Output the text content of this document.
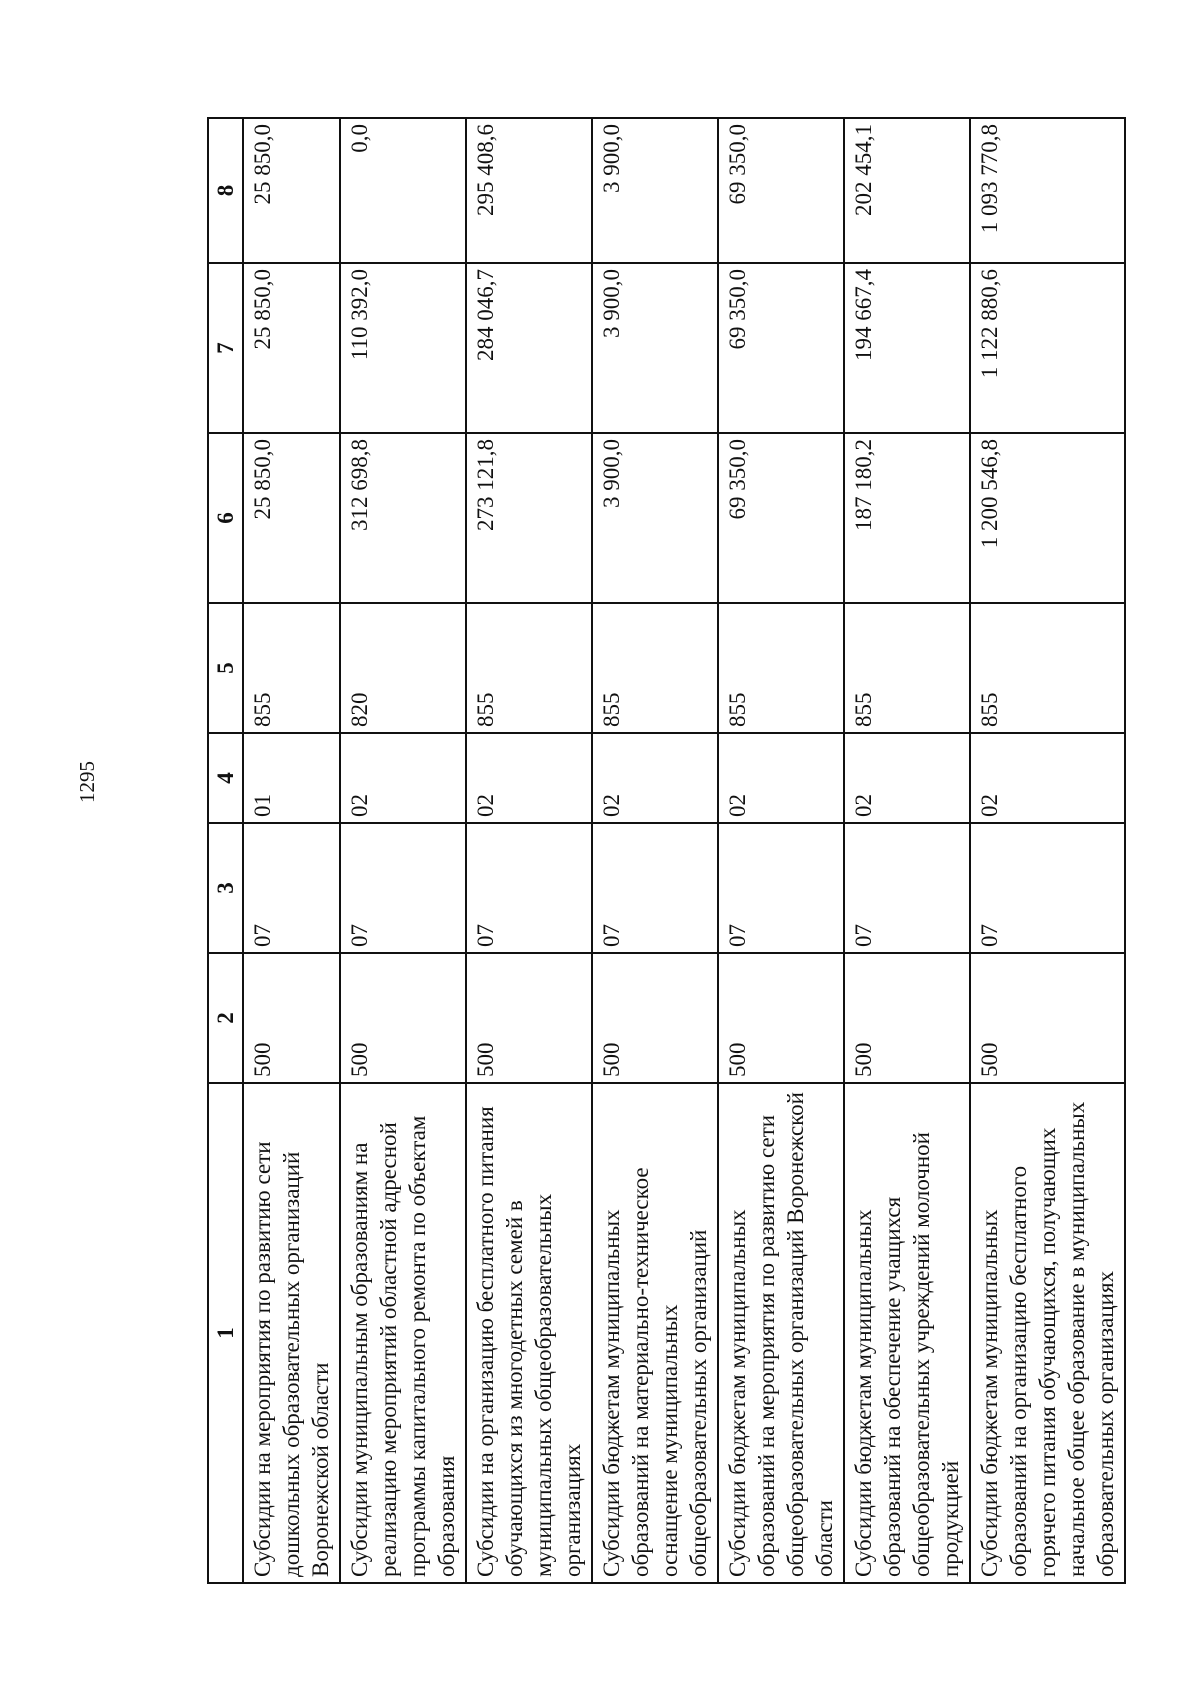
1295
1	2	3	4	5	6	7	8
Субсидии на мероприятия по развитию сети дошкольных образовательных организаций Воронежской области	500	07	01	855	25 850,0	25 850,0	25 850,0
Субсидии муниципальным образованиям на реализацию мероприятий областной адресной программы капитального ремонта по объектам образования	500	07	02	820	312 698,8	110 392,0	0,0
Субсидии на организацию бесплатного питания обучающихся из многодетных семей в муниципальных общеобразовательных организациях	500	07	02	855	273 121,8	284 046,7	295 408,6
Субсидии бюджетам муниципальных образований на материально-техническое оснащение муниципальных общеобразовательных организаций	500	07	02	855	3 900,0	3 900,0	3 900,0
Субсидии бюджетам муниципальных образований на мероприятия по развитию сети общеобразовательных организаций Воронежской области	500	07	02	855	69 350,0	69 350,0	69 350,0
Субсидии бюджетам муниципальных образований на обеспечение учащихся общеобразовательных учреждений молочной продукцией	500	07	02	855	187 180,2	194 667,4	202 454,1
Субсидии бюджетам муниципальных образований на организацию бесплатного горячего питания обучающихся, получающих начальное общее образование в муниципальных образовательных организациях	500	07	02	855	1 200 546,8	1 122 880,6	1 093 770,8
